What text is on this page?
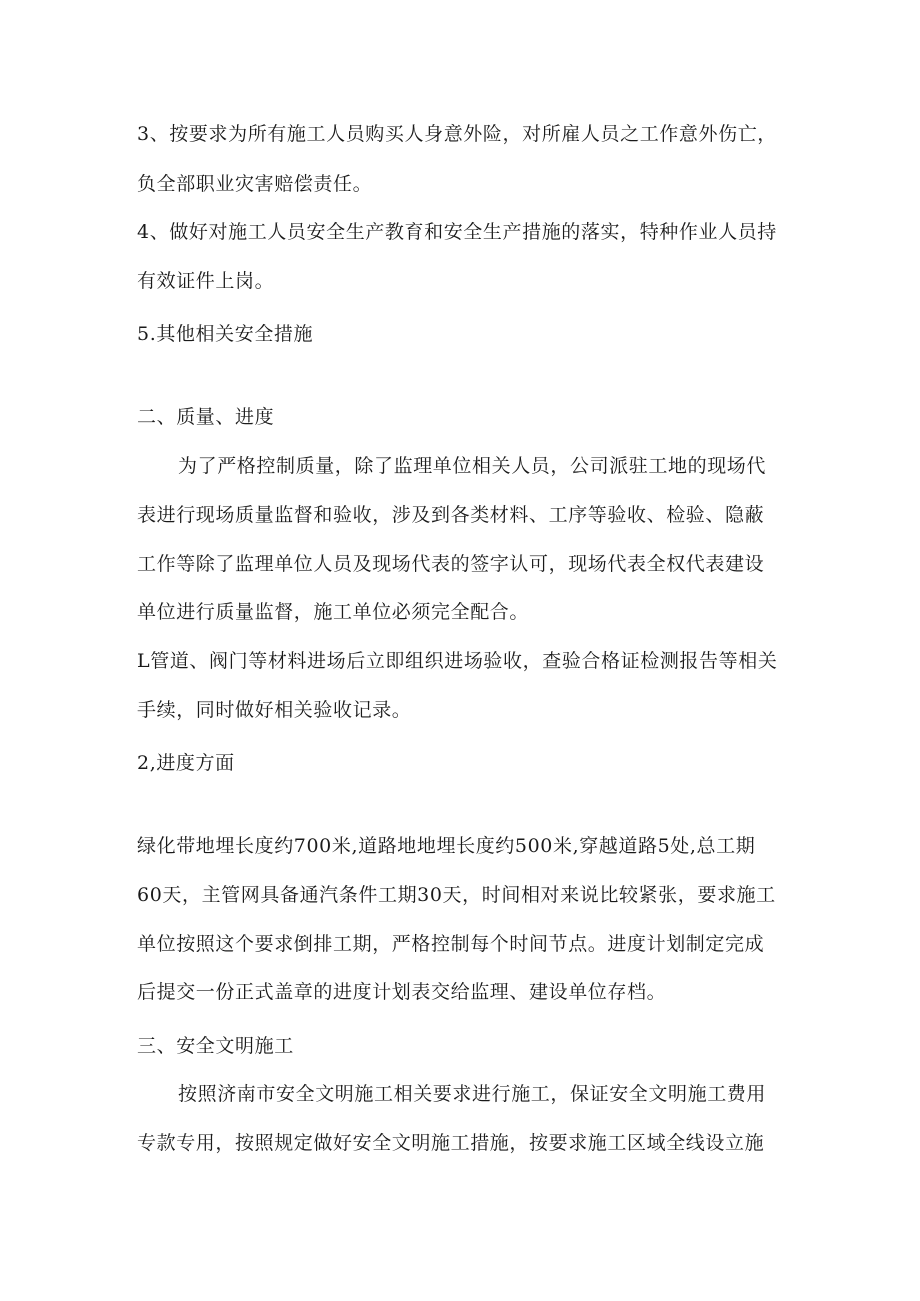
3、按要求为所有施工人员购买人身意外险，对所雇人员之工作意外伤亡，
负全部职业灾害赔偿责任。
4、做好对施工人员安全生产教育和安全生产措施的落实，特种作业人员持
有效证件上岗。
5.其他相关安全措施
二、质量、进度
为了严格控制质量，除了监理单位相关人员，公司派驻工地的现场代
表进行现场质量监督和验收，涉及到各类材料、工序等验收、检验、隐蔽
工作等除了监理单位人员及现场代表的签字认可，现场代表全权代表建设
单位进行质量监督，施工单位必须完全配合。
L管道、阀门等材料进场后立即组织进场验收，查验合格证检测报告等相关
手续，同时做好相关验收记录。
2,进度方面
绿化带地埋长度约700米,道路地地埋长度约500米,穿越道路5处,总工期
60天，主管网具备通汽条件工期30天，时间相对来说比较紧张，要求施工
单位按照这个要求倒排工期，严格控制每个时间节点。进度计划制定完成
后提交一份正式盖章的进度计划表交给监理、建设单位存档。
三、安全文明施工
按照济南市安全文明施工相关要求进行施工，保证安全文明施工费用
专款专用，按照规定做好安全文明施工措施，按要求施工区域全线设立施
